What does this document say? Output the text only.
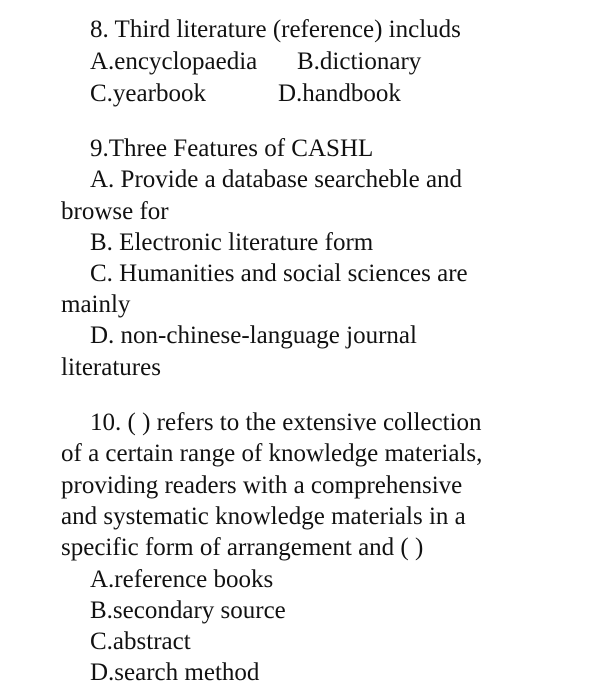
8. Third literature (reference) includs
A.encyclopaedia B.dictionary
C.yearbook	D.handbook
9.Three Features of CASHL
A. Provide a database searcheble and
browse for
B. Electronic literature form
C. Humanities and social sciences are
mainly
D. non-chinese-language journal
literatures
10. ( ) refers to the extensive collection
of a certain range of knowledge materials,
providing readers with a comprehensive
and systematic knowledge materials in a
specific form of arrangement and ( )
A.reference books
B.secondary source
C.abstract
D.search method
